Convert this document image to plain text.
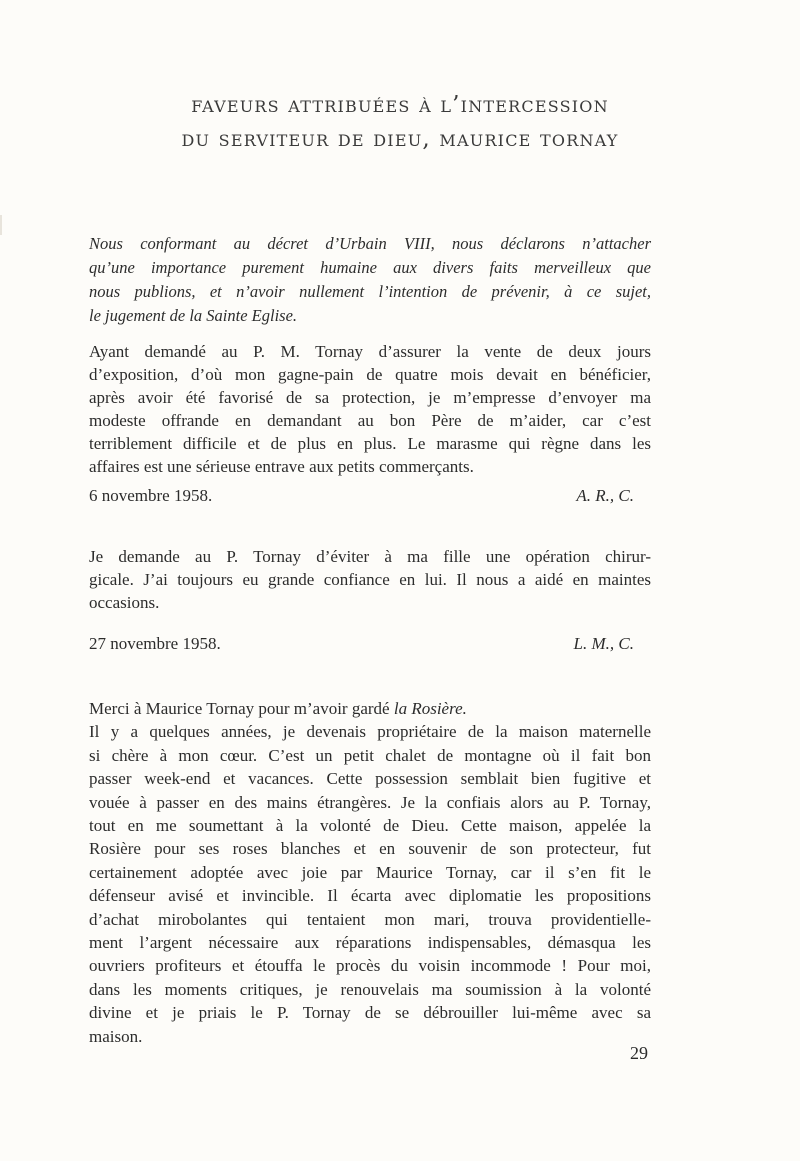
faveurs attribuées à l’intercession
du serviteur de dieu, maurice tornay
Nous conformant au décret d’Urbain VIII, nous déclarons n’attacher
qu’une importance purement humaine aux divers faits merveilleux que
nous publions, et n’avoir nullement l’intention de prévenir, à ce sujet,
le jugement de la Sainte Eglise.
Ayant demandé au P. M. Tornay d’assurer la vente de deux jours
d’exposition, d’où mon gagne-pain de quatre mois devait en bénéficier,
après avoir été favorisé de sa protection, je m’empresse d’envoyer ma
modeste offrande en demandant au bon Père de m’aider, car c’est
terriblement difficile et de plus en plus. Le marasme qui règne dans les
affaires est une sérieuse entrave aux petits commerçants.
6 novembre 1958.	A. R., C.
Je demande au P. Tornay d’éviter à ma fille une opération chirur-
gicale. J’ai toujours eu grande confiance en lui. Il nous a aidé en maintes
occasions.
27 novembre 1958.	L. M., C.
Merci à Maurice Tornay pour m’avoir gardé la Rosière.
Il y a quelques années, je devenais propriétaire de la maison maternelle
si chère à mon cœur. C’est un petit chalet de montagne où il fait bon
passer week-end et vacances. Cette possession semblait bien fugitive et
vouée à passer en des mains étrangères. Je la confiais alors au P. Tornay,
tout en me soumettant à la volonté de Dieu. Cette maison, appelée la
Rosière pour ses roses blanches et en souvenir de son protecteur, fut
certainement adoptée avec joie par Maurice Tornay, car il s’en fit le
défenseur avisé et invincible. Il écarta avec diplomatie les propositions
d’achat mirobolantes qui tentaient mon mari, trouva providentielle-
ment l’argent nécessaire aux réparations indispensables, démasqua les
ouvriers profiteurs et étouffa le procès du voisin incommode ! Pour moi,
dans les moments critiques, je renouvelais ma soumission à la volonté
divine et je priais le P. Tornay de se débrouiller lui-même avec sa
maison.
29
